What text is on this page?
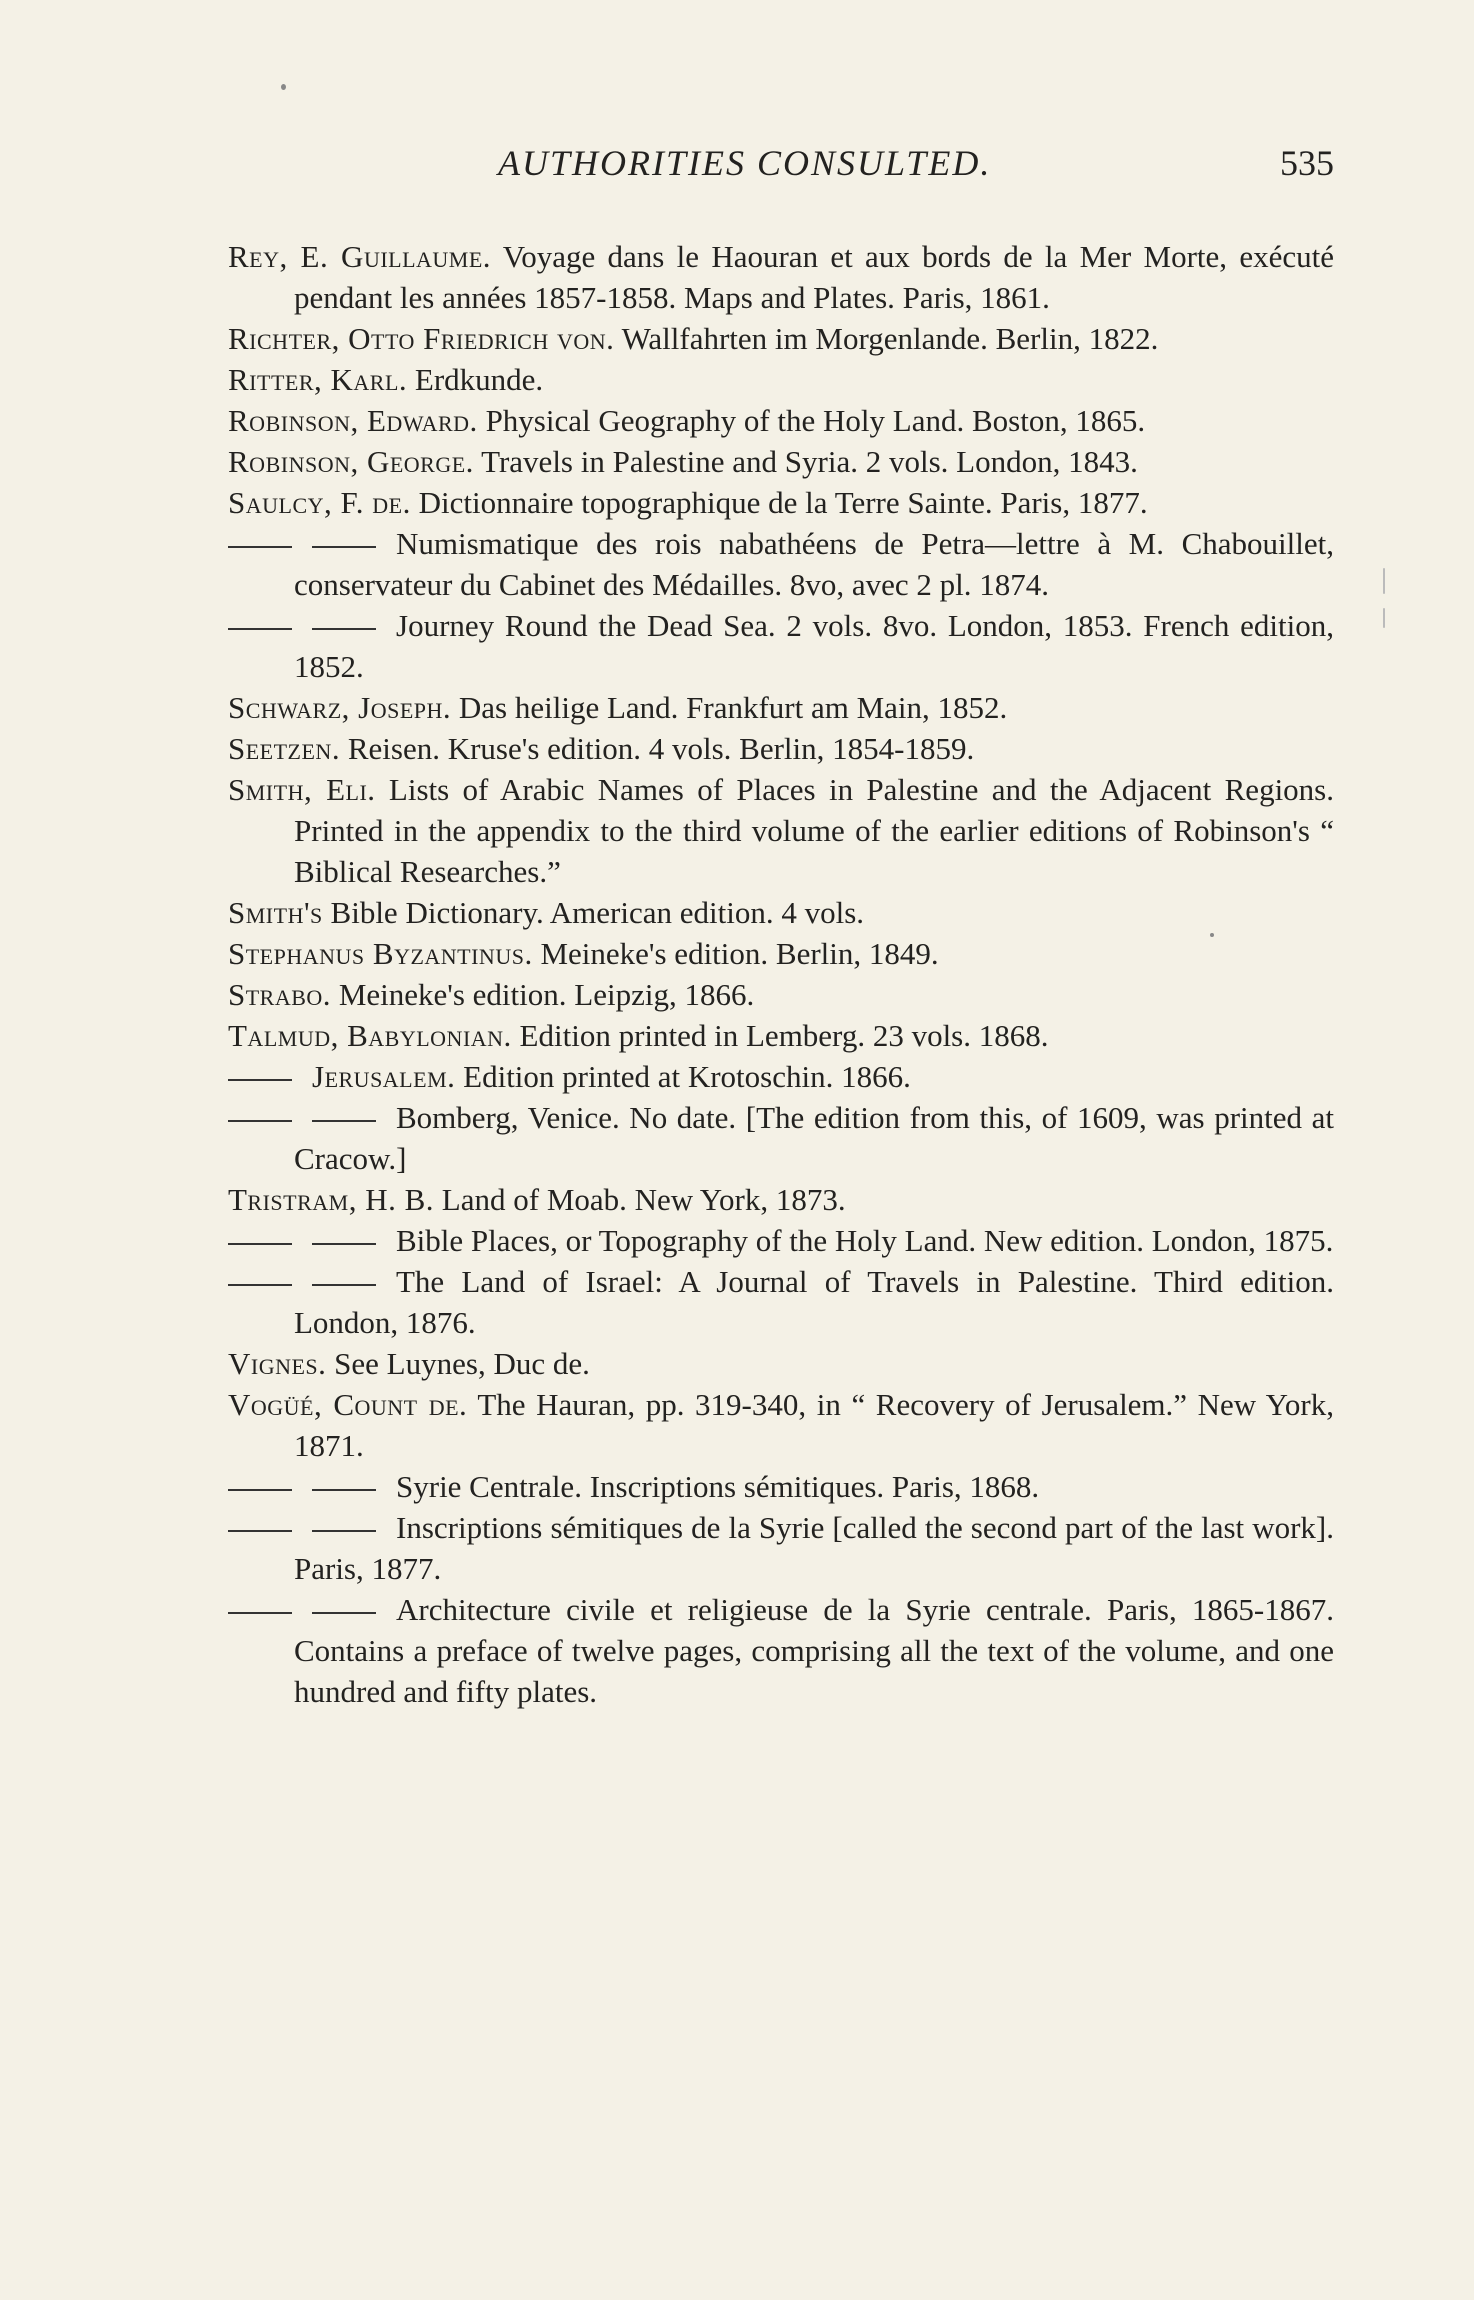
AUTHORITIES CONSULTED.	535
Rey, E. Guillaume. Voyage dans le Haouran et aux bords de la Mer Morte, exécuté pendant les années 1857-1858. Maps and Plates. Paris, 1861.
Richter, Otto Friedrich von. Wallfahrten im Morgenlande. Berlin, 1822.
Ritter, Karl. Erdkunde.
Robinson, Edward. Physical Geography of the Holy Land. Boston, 1865.
Robinson, George. Travels in Palestine and Syria. 2 vols. London, 1843.
Saulcy, F. de. Dictionnaire topographique de la Terre Sainte. Paris, 1877.
Numismatique des rois nabathéens de Petra—lettre à M. Chabouillet, conservateur du Cabinet des Médailles. 8vo, avec 2 pl. 1874.
Journey Round the Dead Sea. 2 vols. 8vo. London, 1853. French edition, 1852.
Schwarz, Joseph. Das heilige Land. Frankfurt am Main, 1852.
Seetzen. Reisen. Kruse's edition. 4 vols. Berlin, 1854-1859.
Smith, Eli. Lists of Arabic Names of Places in Palestine and the Adjacent Regions. Printed in the appendix to the third volume of the earlier editions of Robinson's “ Biblical Researches.”
Smith's Bible Dictionary. American edition. 4 vols.
Stephanus Byzantinus. Meineke's edition. Berlin, 1849.
Strabo. Meineke's edition. Leipzig, 1866.
Talmud, Babylonian. Edition printed in Lemberg. 23 vols. 1868.
Jerusalem. Edition printed at Krotoschin. 1866.
Bomberg, Venice. No date. [The edition from this, of 1609, was printed at Cracow.]
Tristram, H. B. Land of Moab. New York, 1873.
Bible Places, or Topography of the Holy Land. New edition. London, 1875.
The Land of Israel: A Journal of Travels in Palestine. Third edition. London, 1876.
Vignes. See Luynes, Duc de.
Vogüé, Count de. The Hauran, pp. 319-340, in “ Recovery of Jerusalem.” New York, 1871.
Syrie Centrale. Inscriptions sémitiques. Paris, 1868.
Inscriptions sémitiques de la Syrie [called the second part of the last work]. Paris, 1877.
Architecture civile et religieuse de la Syrie centrale. Paris, 1865-1867. Contains a preface of twelve pages, comprising all the text of the volume, and one hundred and fifty plates.
